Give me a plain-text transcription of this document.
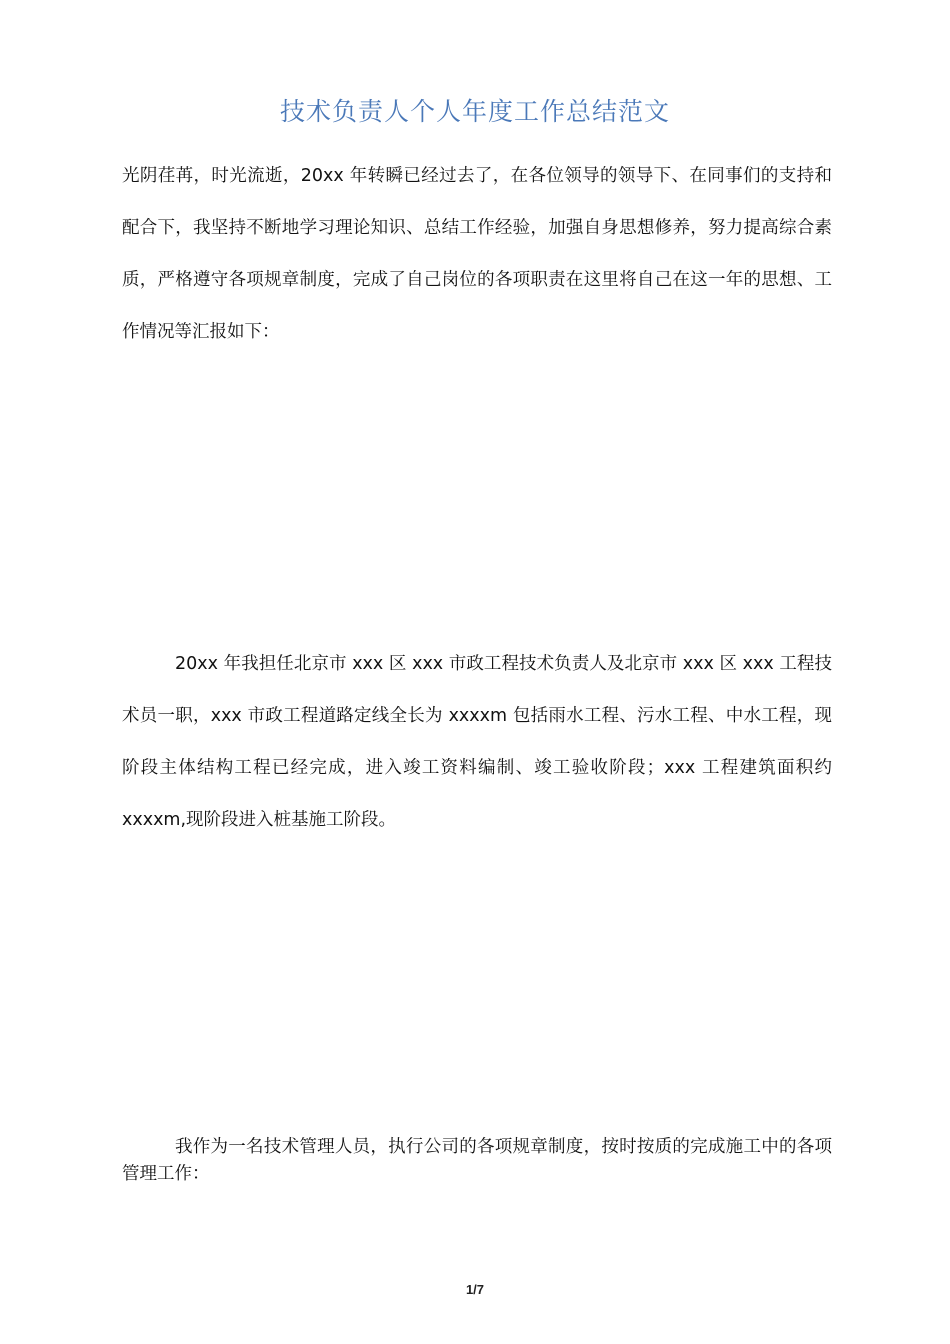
技术负责人个人年度工作总结范文

光阴荏苒，时光流逝，20xx 年转瞬已经过去了，在各位领导的领导下、在同事们的支持和配合下，我坚持不断地学习理论知识、总结工作经验，加强自身思想修养，努力提高综合素质，严格遵守各项规章制度，完成了自己岗位的各项职责在这里将自己在这一年的思想、工作情况等汇报如下：

20xx 年我担任北京市 xxx 区 xxx 市政工程技术负责人及北京市 xxx 区 xxx 工程技术员一职，xxx 市政工程道路定线全长为 xxxxm 包括雨水工程、污水工程、中水工程，现阶段主体结构工程已经完成，进入竣工资料编制、竣工验收阶段；xxx 工程建筑面积约 xxxxm,现阶段进入桩基施工阶段。

我作为一名技术管理人员，执行公司的各项规章制度，按时按质的完成施工中的各项管理工作：

1/7
